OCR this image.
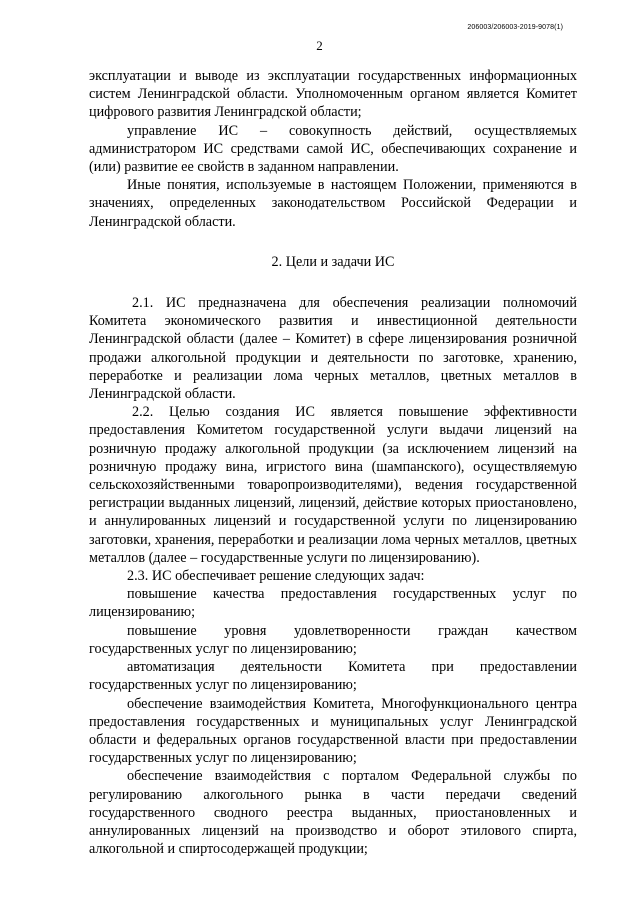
206003/206003-2019-9078(1)
2

эксплуатации и выводе из эксплуатации государственных информационных систем Ленинградской области. Уполномоченным органом является Комитет цифрового развития Ленинградской области;

управление ИС – совокупность действий, осуществляемых администратором ИС средствами самой ИС, обеспечивающих сохранение и (или) развитие ее свойств в заданном направлении.

Иные понятия, используемые в настоящем Положении, применяются в значениях, определенных законодательством Российской Федерации и Ленинградской области.

2. Цели и задачи ИС

2.1. ИС предназначена для обеспечения реализации полномочий Комитета экономического развития и инвестиционной деятельности Ленинградской области (далее – Комитет) в сфере лицензирования розничной продажи алкогольной продукции и деятельности по заготовке, хранению, переработке и реализации лома черных металлов, цветных металлов в Ленинградской области.

2.2. Целью создания ИС является повышение эффективности предоставления Комитетом государственной услуги выдачи лицензий на розничную продажу алкогольной продукции (за исключением лицензий на розничную продажу вина, игристого вина (шампанского), осуществляемую сельскохозяйственными товаропроизводителями), ведения государственной регистрации выданных лицензий, лицензий, действие которых приостановлено, и аннулированных лицензий и государственной услуги по лицензированию заготовки, хранения, переработки и реализации лома черных металлов, цветных металлов (далее – государственные услуги по лицензированию).

2.3. ИС обеспечивает решение следующих задач:

повышение качества предоставления государственных услуг по лицензированию;

повышение уровня удовлетворенности граждан качеством государственных услуг по лицензированию;

автоматизация деятельности Комитета при предоставлении государственных услуг по лицензированию;

обеспечение взаимодействия Комитета, Многофункционального центра предоставления государственных и муниципальных услуг Ленинградской области и федеральных органов государственной власти при предоставлении государственных услуг по лицензированию;

обеспечение взаимодействия с порталом Федеральной службы по регулированию алкогольного рынка в части передачи сведений государственного сводного реестра выданных, приостановленных и аннулированных лицензий на производство и оборот этилового спирта, алкогольной и спиртосодержащей продукции;
